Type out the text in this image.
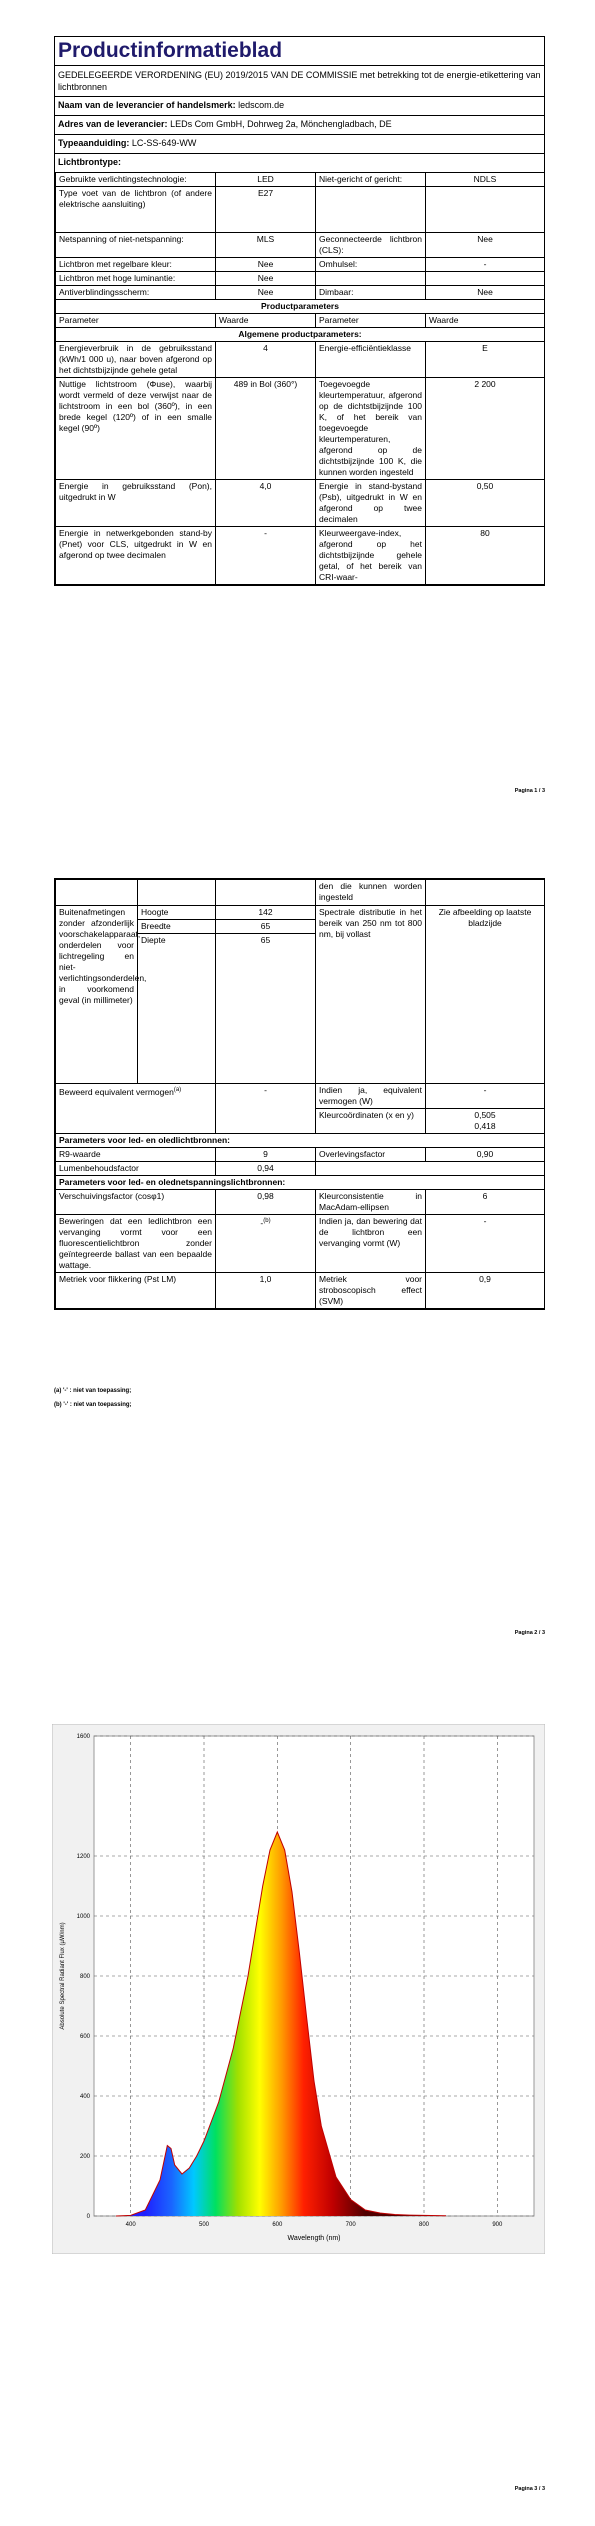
Productinformatieblad
GEDELEGEERDE VERORDENING (EU) 2019/2015 VAN DE COMMISSIE met betrekking tot de energie-etikettering van lichtbronnen
Naam van de leverancier of handelsmerk: ledscom.de
Adres van de leverancier: LEDs Com GmbH, Dohrweg 2a, Mönchengladbach, DE
Typeaanduiding: LC-SS-649-WW
Lichtbrontype:
Gebruikte verlichtingstechnologie:	LED	Niet-gericht of gericht:	NDLS
Type voet van de lichtbron (of andere elektrische aansluiting)	E27		
Netspanning of niet-netspanning:	MLS	Geconnecteerde lichtbron (CLS):	Nee
Lichtbron met regelbare kleur:	Nee	Omhulsel:	-
Lichtbron met hoge luminantie:	Nee		
Antiverblindingsscherm:	Nee	Dimbaar:	Nee
Productparameters			
Parameter	Waarde	Parameter	Waarde
Algemene productparameters:			
Energieverbruik in de gebruiksstand (kWh/1 000 u), naar boven afgerond op het dichtstbijzijnde gehele getal	4	Energie-efficiëntieklasse	E
Nuttige lichtstroom (Φuse), waarbij wordt vermeld of deze verwijst naar de lichtstroom in een bol (360º), in een brede kegel (120º) of in een smalle kegel (90º)	489 in Bol (360°)	Toegevoegde kleurtemperatuur, afgerond op de dichtstbijzijnde 100 K, of het bereik van toegevoegde kleurtemperaturen, afgerond op de dichtstbijzijnde 100 K, die kunnen worden ingesteld	2 200
Energie in gebruiksstand (Pon), uitgedrukt in W	4,0	Energie in stand-bystand (Psb), uitgedrukt in W en afgerond op twee decimalen	0,50
Energie in netwerkgebonden stand-by (Pnet) voor CLS, uitgedrukt in W en afgerond op twee decimalen	-	Kleurweergave-index, afgerond op het dichtstbijzijnde gehele getal, of het bereik van CRI-waar-	80
Pagina 1 / 3
			den die kunnen worden ingesteld	
Buitenafmetingen zonder afzonderlijk voorschakelapparaat, onderdelen voor lichtregeling en niet-verlichtingsonderdelen, in voorkomend geval (in millimeter)	Hoogte	142	Spectrale distributie in het bereik van 250 nm tot 800 nm, bij vollast	Zie afbeelding op laatste bladzijde
	Breedte	65		
	Diepte	65		
Beweerd equivalent vermogen$^{(a)}$		-	Indien ja, equivalent vermogen (W)	-
			Kleurcoördinaten (x en y)	0,505
0,418

Parameters voor led- en oledlichtbronnen:				
R9-waarde		9	Overlevingsfactor	0,90
Lumenbehoudsfactor		0,94		
Parameters voor led- en olednetspanningslichtbronnen:				
Verschuivingsfactor (cosφ1)		0,98	Kleurconsistentie in MacAdam-ellipsen	6
Beweringen dat een ledlichtbron een vervanging vormt voor een fluorescentielichtbron zonder geïntegreerde ballast van een bepaalde wattage.		-$^{(b)}$	Indien ja, dan bewering dat de lichtbron een vervanging vormt (W)	-
Metriek voor flikkering (Pst LM)		1,0	Metriek voor stroboscopisch effect (SVM)	0,9
(a) '-' : niet van toepassing;
(b) '-' : niet van toepassing;
Pagina 2 / 3
400	500	600	700	800	900
0
200
400
600
800
1000
1200
1600
Wavelength (nm)
Absolute Spectral Radiant Flux (µW/nm)
Pagina 3 / 3
